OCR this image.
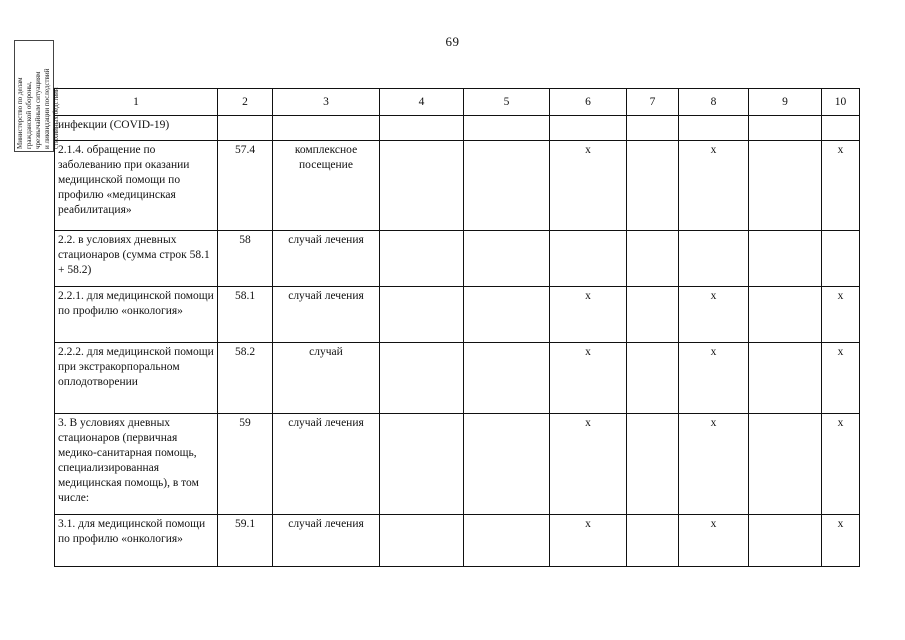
69
Министерство по делам гражданской обороны, чрезвычайным ситуациям и ликвидации последствий стихийных бедствий	1	2	3	4	5	6	7	8	9	10
инфекции (COVID-19)									
2.1.4. обращение по заболеванию при оказании медицинской помощи по профилю «медицинская реабилитация»	57.4	комплексное посещение			х		х		х
2.2. в условиях дневных стационаров (сумма строк 58.1 + 58.2)	58	случай лечения							
2.2.1. для медицинской помощи по профилю «онкология»	58.1	случай лечения			х		х		х
2.2.2. для медицинской помощи при экстракорпоральном оплодотворении	58.2	случай			х		х		х
3. В условиях дневных стационаров (первичная медико-санитарная помощь, специализированная медицинская помощь), в том числе:	59	случай лечения			х		х		х
3.1. для медицинской помощи по профилю «онкология»	59.1	случай лечения			х		х		х
